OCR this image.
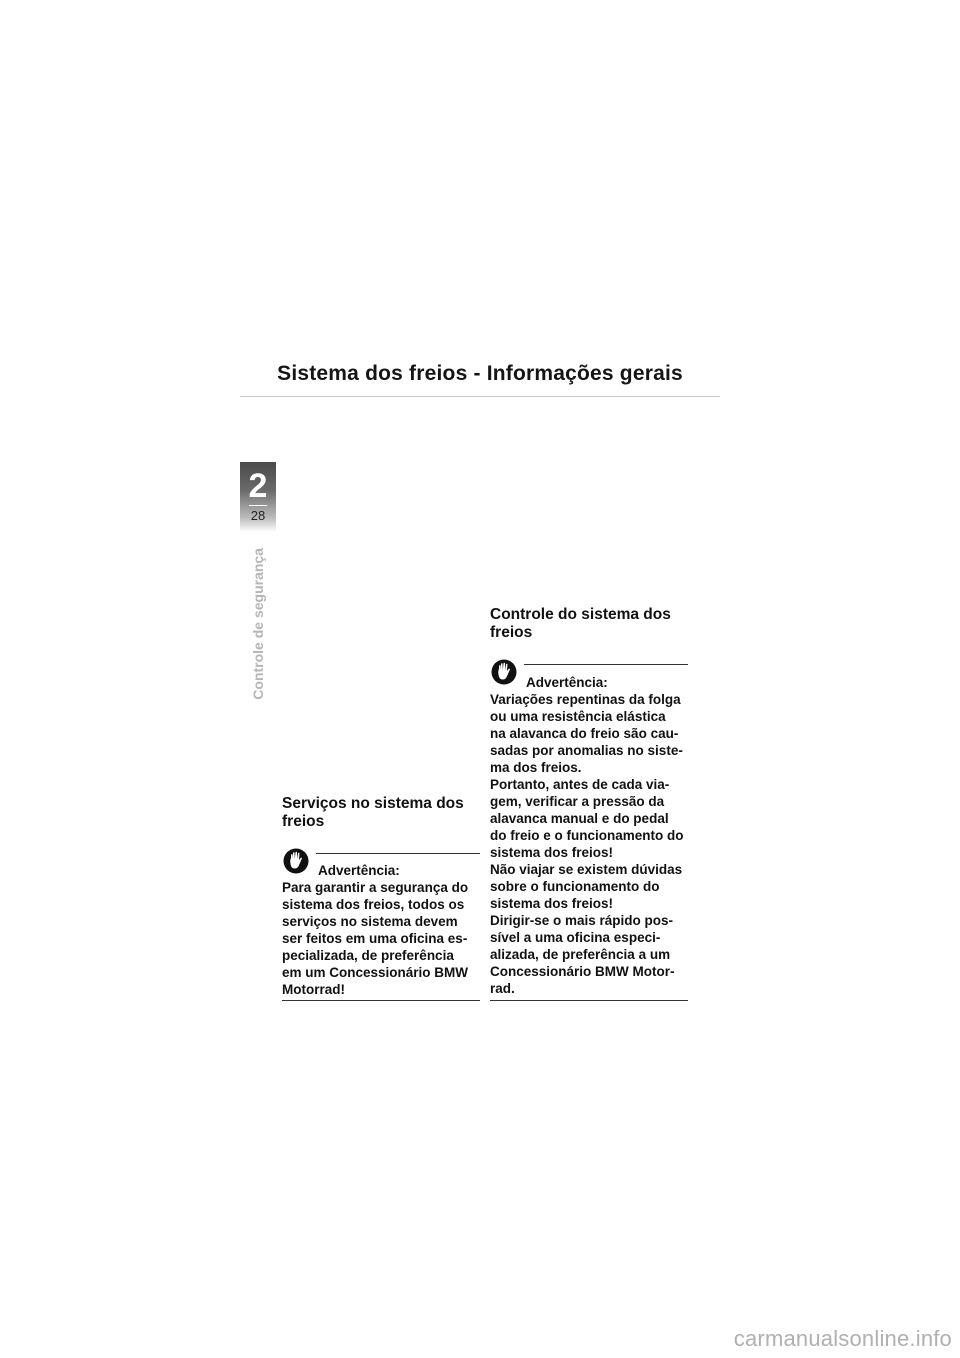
Sistema dos freios - Informações gerais
2
28
Controle de segurança
Serviços no sistema dos
freios
Advertência:
Para garantir a segurança do
sistema dos freios, todos os
serviços no sistema devem
ser feitos em uma oficina es-
pecializada, de preferência
em um Concessionário BMW
Motorrad!
Controle do sistema dos
freios
Advertência:
Variações repentinas da folga
ou uma resistência elástica
na alavanca do freio são cau-
sadas por anomalias no siste-
ma dos freios.
Portanto, antes de cada via-
gem, verificar a pressão da
alavanca manual e do pedal
do freio e o funcionamento do
sistema dos freios!
Não viajar se existem dúvidas
sobre o funcionamento do
sistema dos freios!
Dirigir-se o mais rápido pos-
sível a uma oficina especi-
alizada, de preferência a um
Concessionário BMW Motor-
rad.
carmanualsonline.info
